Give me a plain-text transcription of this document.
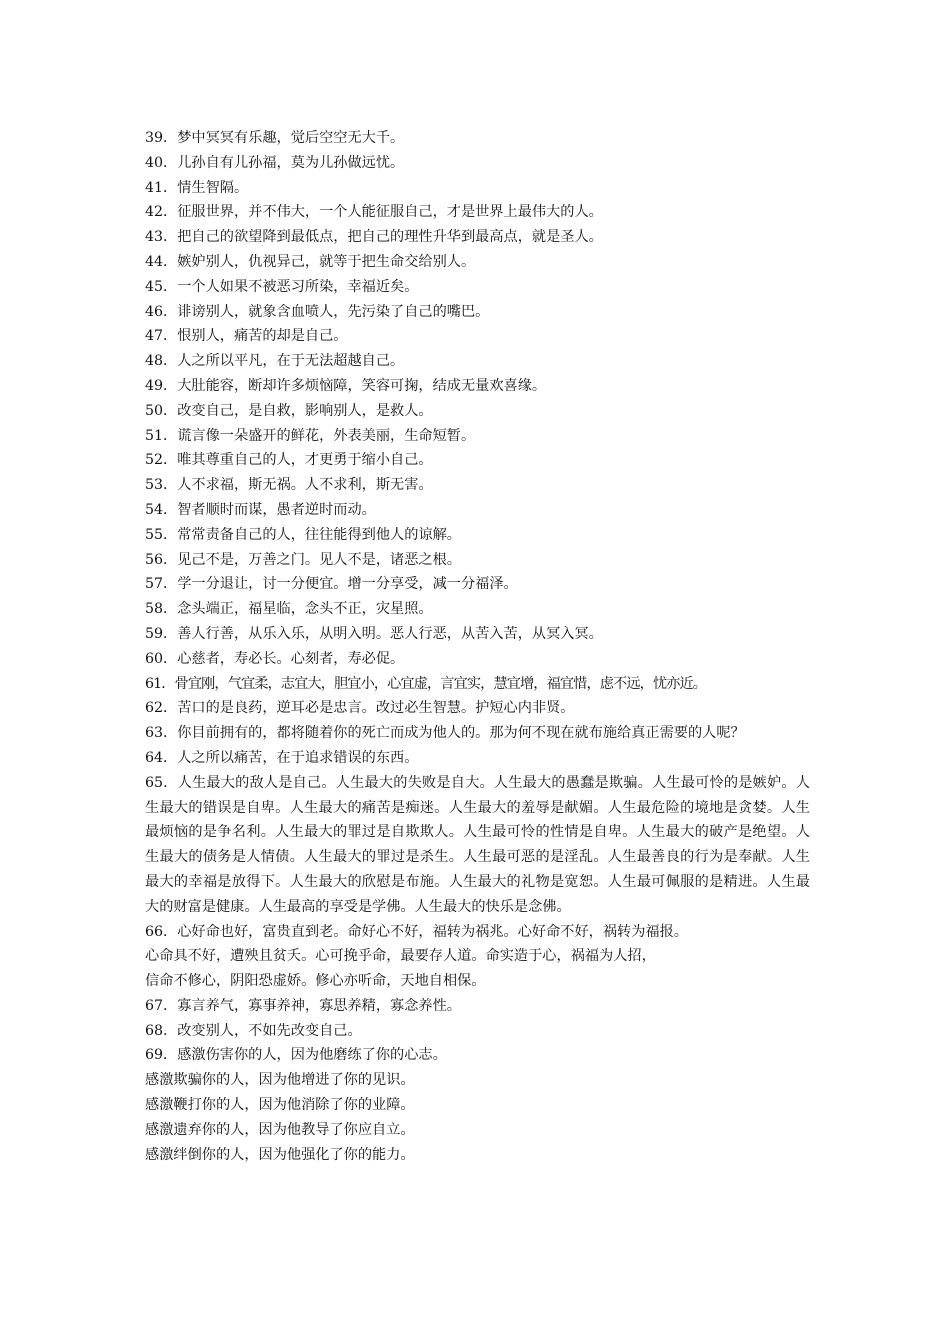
39．梦中冥冥有乐趣，觉后空空无大千。
40．儿孙自有儿孙福，莫为儿孙做远忧。
41．情生智隔。
42．征服世界，并不伟大，一个人能征服自己，才是世界上最伟大的人。
43．把自己的欲望降到最低点，把自己的理性升华到最高点，就是圣人。
44．嫉妒别人，仇视异己，就等于把生命交给别人。
45．一个人如果不被恶习所染，幸福近矣。
46．诽谤别人，就象含血喷人，先污染了自己的嘴巴。
47．恨别人，痛苦的却是自己。
48．人之所以平凡，在于无法超越自己。
49．大肚能容，断却许多烦恼障，笑容可掬，结成无量欢喜缘。
50．改变自己，是自救，影响别人，是救人。
51．谎言像一朵盛开的鲜花，外表美丽，生命短暂。
52．唯其尊重自己的人，才更勇于缩小自己。
53．人不求福，斯无祸。人不求利，斯无害。
54．智者顺时而谋，愚者逆时而动。
55．常常责备自己的人，往往能得到他人的谅解。
56．见己不是，万善之门。见人不是，诸恶之根。
57．学一分退让，讨一分便宜。增一分享受，减一分福泽。
58．念头端正，福星临，念头不正，灾星照。
59．善人行善，从乐入乐，从明入明。恶人行恶，从苦入苦，从冥入冥。
60．心慈者，寿必长。心刻者，寿必促。
61．骨宜刚，气宜柔，志宜大，胆宜小，心宜虚，言宜实，慧宜增，福宜惜，虑不远，忧亦近。
62．苦口的是良药，逆耳必是忠言。改过必生智慧。护短心内非贤。
63．你目前拥有的，都将随着你的死亡而成为他人的。那为何不现在就布施给真正需要的人呢？
64．人之所以痛苦，在于追求错误的东西。
65．人生最大的敌人是自己。人生最大的失败是自大。人生最大的愚蠢是欺骗。人生最可怜的是嫉妒。人生最大的错误是自卑。人生最大的痛苦是痴迷。人生最大的羞辱是献媚。人生最危险的境地是贪婪。人生最烦恼的是争名利。人生最大的罪过是自欺欺人。人生最可怜的性情是自卑。人生最大的破产是绝望。人生最大的债务是人情债。人生最大的罪过是杀生。人生最可恶的是淫乱。人生最善良的行为是奉献。人生最大的幸福是放得下。人生最大的欣慰是布施。人生最大的礼物是宽恕。人生最可佩服的是精进。人生最大的财富是健康。人生最高的享受是学佛。人生最大的快乐是念佛。
66．心好命也好，富贵直到老。命好心不好，福转为祸兆。心好命不好，祸转为福报。
心命具不好，遭殃且贫夭。心可挽乎命，最要存人道。命实造于心，祸福为人招，
信命不修心，阴阳恐虚娇。修心亦听命，天地自相保。
67．寡言养气，寡事养神，寡思养精，寡念养性。
68．改变别人，不如先改变自己。
69．感激伤害你的人，因为他磨练了你的心志。
感激欺骗你的人，因为他增进了你的见识。
感激鞭打你的人，因为他消除了你的业障。
感激遗弃你的人，因为他教导了你应自立。
感激绊倒你的人，因为他强化了你的能力。
